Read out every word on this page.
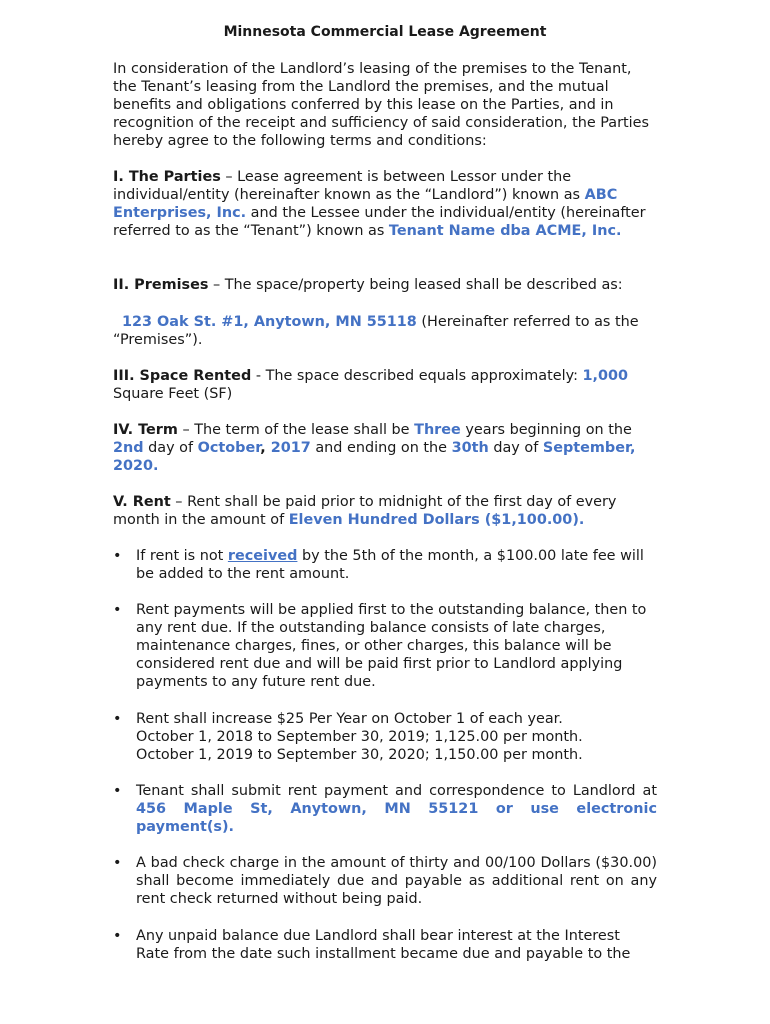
Minnesota Commercial Lease Agreement
In consideration of the Landlord’s leasing of the premises to the Tenant, the Tenant’s leasing from the Landlord the premises, and the mutual benefits and obligations conferred by this lease on the Parties, and in recognition of the receipt and sufficiency of said consideration, the Parties hereby agree to the following terms and conditions:
I. The Parties – Lease agreement is between Lessor under the individual/entity (hereinafter known as the “Landlord”) known as ABC Enterprises, Inc. and the Lessee under the individual/entity (hereinafter referred to as the “Tenant”) known as Tenant Name dba ACME, Inc.
II. Premises – The space/property being leased shall be described as:
123 Oak St. #1, Anytown, MN 55118 (Hereinafter referred to as the “Premises”).
III. Space Rented - The space described equals approximately: 1,000
Square Feet (SF)
IV. Term – The term of the lease shall be Three years beginning on the 2nd day of October, 2017 and ending on the 30th day of September, 2020.
V. Rent – Rent shall be paid prior to midnight of the first day of every month in the amount of Eleven Hundred Dollars ($1,100.00).
• If rent is not received by the 5th of the month, a $100.00 late fee will be added to the rent amount.
• Rent payments will be applied first to the outstanding balance, then to any rent due. If the outstanding balance consists of late charges, maintenance charges, fines, or other charges, this balance will be considered rent due and will be paid first prior to Landlord applying payments to any future rent due.
• Rent shall increase $25 Per Year on October 1 of each year.
October 1, 2018 to September 30, 2019; 1,125.00 per month.
October 1, 2019 to September 30, 2020; 1,150.00 per month.
• Tenant shall submit rent payment and correspondence to Landlord at 456 Maple St, Anytown, MN 55121 or use electronic payment(s).
• A bad check charge in the amount of thirty and 00/100 Dollars ($30.00) shall become immediately due and payable as additional rent on any rent check returned without being paid.
• Any unpaid balance due Landlord shall bear interest at the Interest Rate from the date such installment became due and payable to the
